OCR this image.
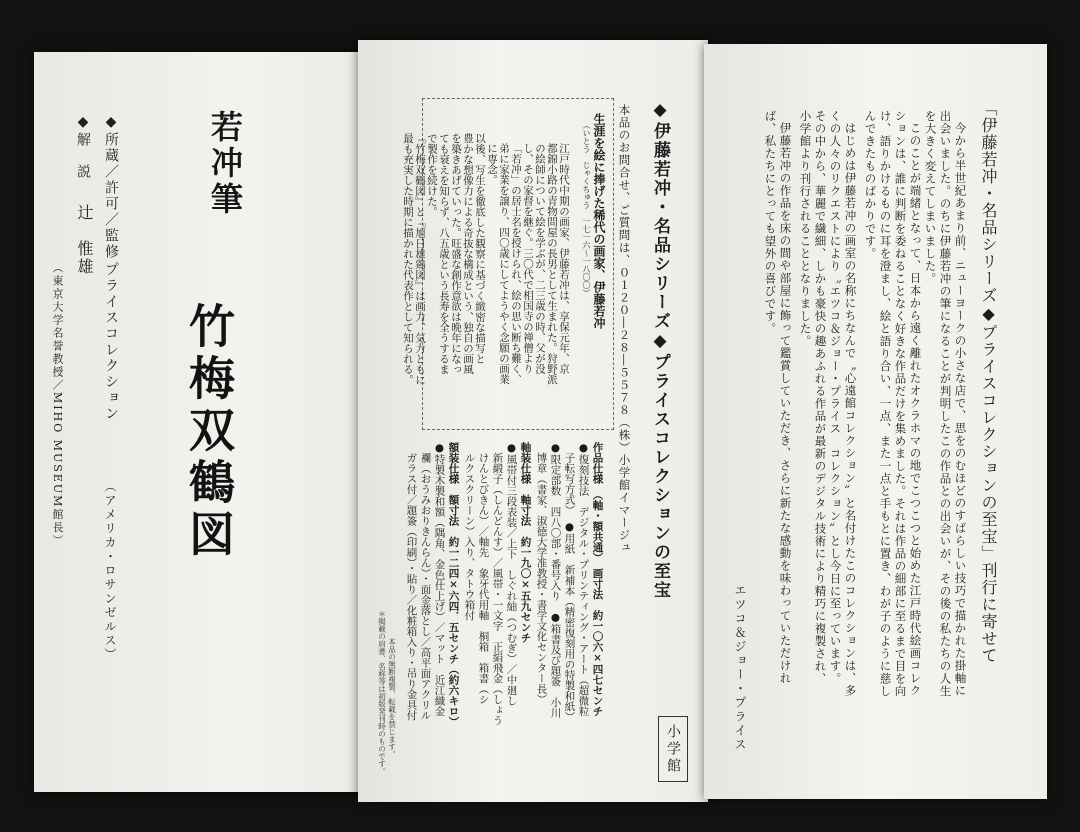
若冲筆
竹梅双鶴図
◆所蔵／許可／監修
プライスコレクション
（アメリカ・ロサンゼルス）
◆解　説
辻　惟雄
（東京大学名誉教授／MIHO MUSEUM館長）	◆伊藤若冲・名品シリーズ◆プライスコレクションの至宝
小学館
本品のお問合せ、ご質問は、０１２０―２８―５５７８（株）小学館イマージュ
生涯を絵に捧げた稀代の画家、伊藤若冲
（いとう　じゃくちゅう　一七一六～一八〇〇）
江戸時代中期の画家、伊藤若冲は、享保元年、京
都錦小路の青物問屋の長男として生まれた。狩野派
の絵師について絵を学ぶが、二三歳の時、父が没
し、その家督を継ぐ。三〇代で相国寺の禅僧より
「若冲」の居士名を授けられ、絵の思い断ち難く、
弟に家業を譲り、四〇歳にしてようやく念願の画業
に専念。
以後、写生を徹底した観察に基づく緻密な描写と
豊かな想像力による奇抜な構成という、独自の画風
を築きあげていった。旺盛な創作意欲は晩年になっ
ても衰えを知らず、八五歳という長寿を全うするま
で製作を続けた。
『竹梅双鶴図』と『旭日雄鶏図』は画力、気力ともに
最も充実した時期に描かれた代表作として知られる。
作品仕様　（軸・額共通）　画寸法　約一〇六×四七センチ
●復刻技法　デジタル・プリンティング・アート（超微粒
　子転写方式）　●用紙　新補本（精密復刻用の特製和紙）
●限定部数　四八〇部・番号入り　●箱書及び題簽　小川
　博章（書家、淑徳大学准教授・書学文化センター長）
軸装仕様　軸寸法　約一九〇×五九センチ
●風帯付三段表装／上下　しぐれ紬（つむぎ）／中廻し
　新緞子（しんどんす）／風帯・一文字　正絹飛金（しょう
　けんとびきん）／軸先　象牙代用軸　桐箱　箱書（シ
　ルクスクリーン）入り、タトウ箱付
額装仕様　額寸法　約一二四×六四．五センチ（約六キロ）
●特製木製和額（隅角、金色仕上げ）／マット　近江織金
　襴（おうみおりきんらん）・面金落とし／高平面アクリル
　ガラス付／題簽（印刷）・貼り／化粧箱入り・吊り金具付
本品の無断複製、転載を禁じます。
＊掲載の肩書、名称等は初版発刊時のものです。
「伊藤若冲・名品シリーズ◆プライスコレクションの至宝」刊行に寄せて
今から半世紀あまり前、ニューヨークの小さな店で、思をのむほどのすばらしい技巧で描かれた掛軸に
出会いました。のちに伊藤若冲の筆になることが判明したこの作品との出会いが、その後の私たちの人生
を大きく変えてしまいました。
このことが端緒となって、日本から遠く離れたオクラホマの地でこつこつと始めた江戸時代絵画コレク
ションは、誰に判断を委ねることなく好きな作品だけを集めました。それは作品の細部に至るまで目を向
け、語りかけるものに耳を澄まし、絵と語り合い、一点、また一点と手もとに置き、わが子のように慈し
んできたものばかりです。
はじめは伊藤若冲の画室の名称にちなんで〝心遠館コレクション〟と名付けたこのコレクションは、多
くの人々のリクエストにより〝エツコ＆ジョー・プライス　コレクション〟とし今日に至っています。
その中から、華麗で繊細、しかも豪快の趣あふれる作品が最新のデジタル技術により精巧に複製され、
小学館より刊行されることとなりました。
伊藤若冲の作品を床の間や部屋に飾って鑑賞していただき、さらに新たな感動を味わっていただけれ
ば、私たちにとっても望外の喜びです。
エツコ＆ジョー・プライス
